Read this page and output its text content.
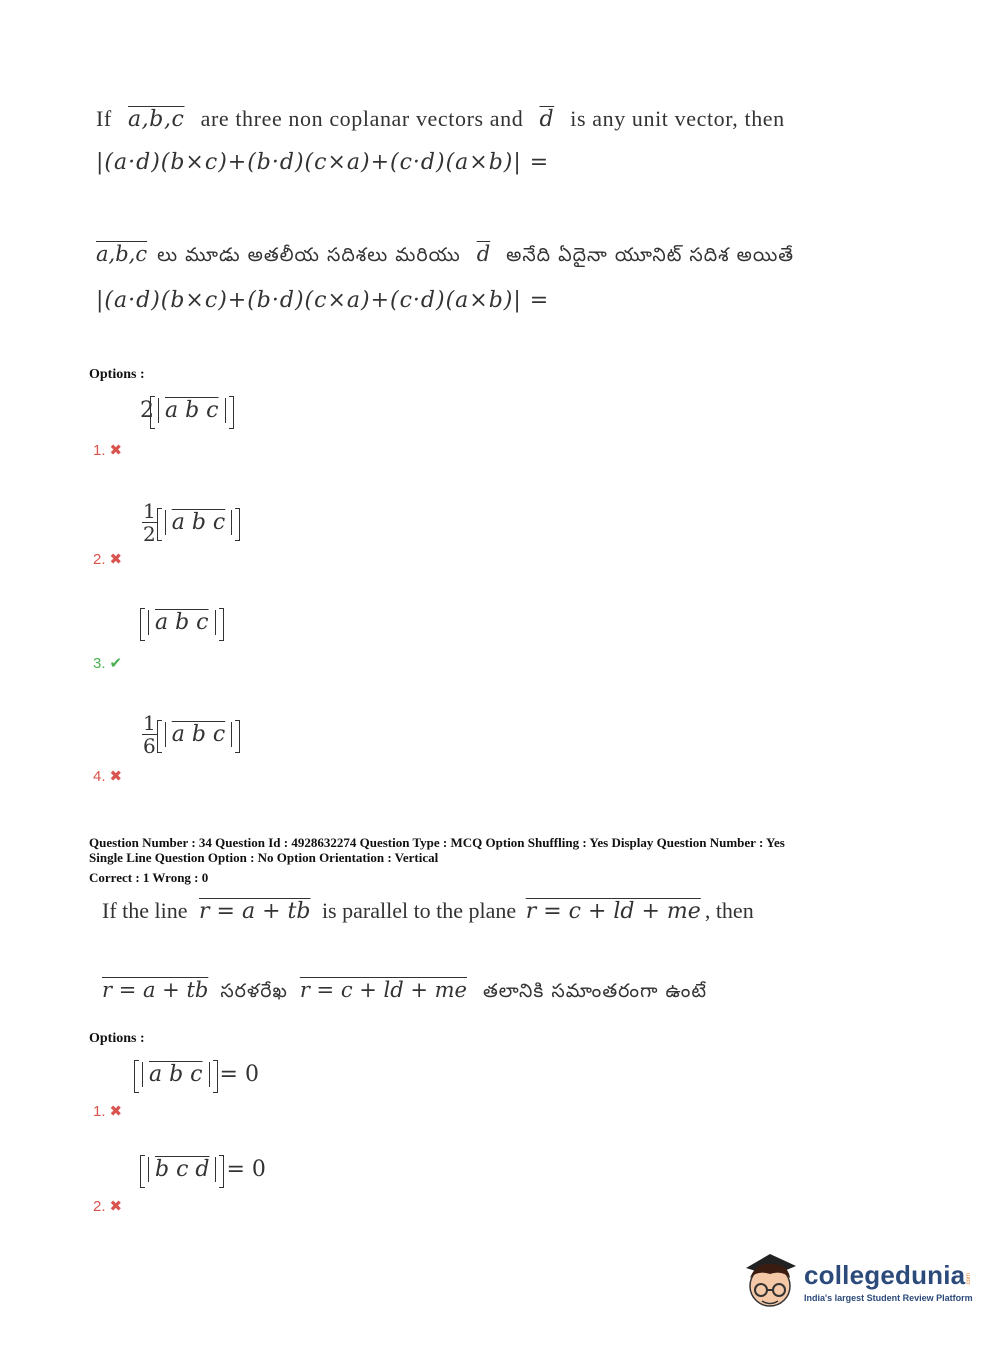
If a,b,c are three non coplanar vectors and $\overline{d}$ is any unit vector, then
|(a·d)(b×c)+(b·d)(c×a)+(c·d)(a×b)| =
a,b,c లు మూడు అతలీయ సదిశలు మరియు $\overline{d}$ అనేది ఏదైనా యూనిట్ సదిశ అయితే
|(a·d)(b×c)+(b·d)(c×a)+(c·d)(a×b)| =
Options :
2 a b c
1. ✖
$\frac{1}{2}$ a b c
2. ✖
a b c
3. ✔
$\frac{1}{6}$ a b c
4. ✖
Question Number : 34 Question Id : 4928632274 Question Type : MCQ Option Shuffling : Yes Display Question Number : Yes
Single Line Question Option : No Option Orientation : Vertical
Correct : 1 Wrong : 0
If the line r = a + tb is parallel to the plane r = c + ld + me , then
r = a + tb సరళరేఖ r = c + ld + me తలానికి సమాంతరంగా ఉంటే
Options :
a b c = 0
1. ✖
b c d = 0
2. ✖
collegedunia .com
India's largest Student Review Platform
